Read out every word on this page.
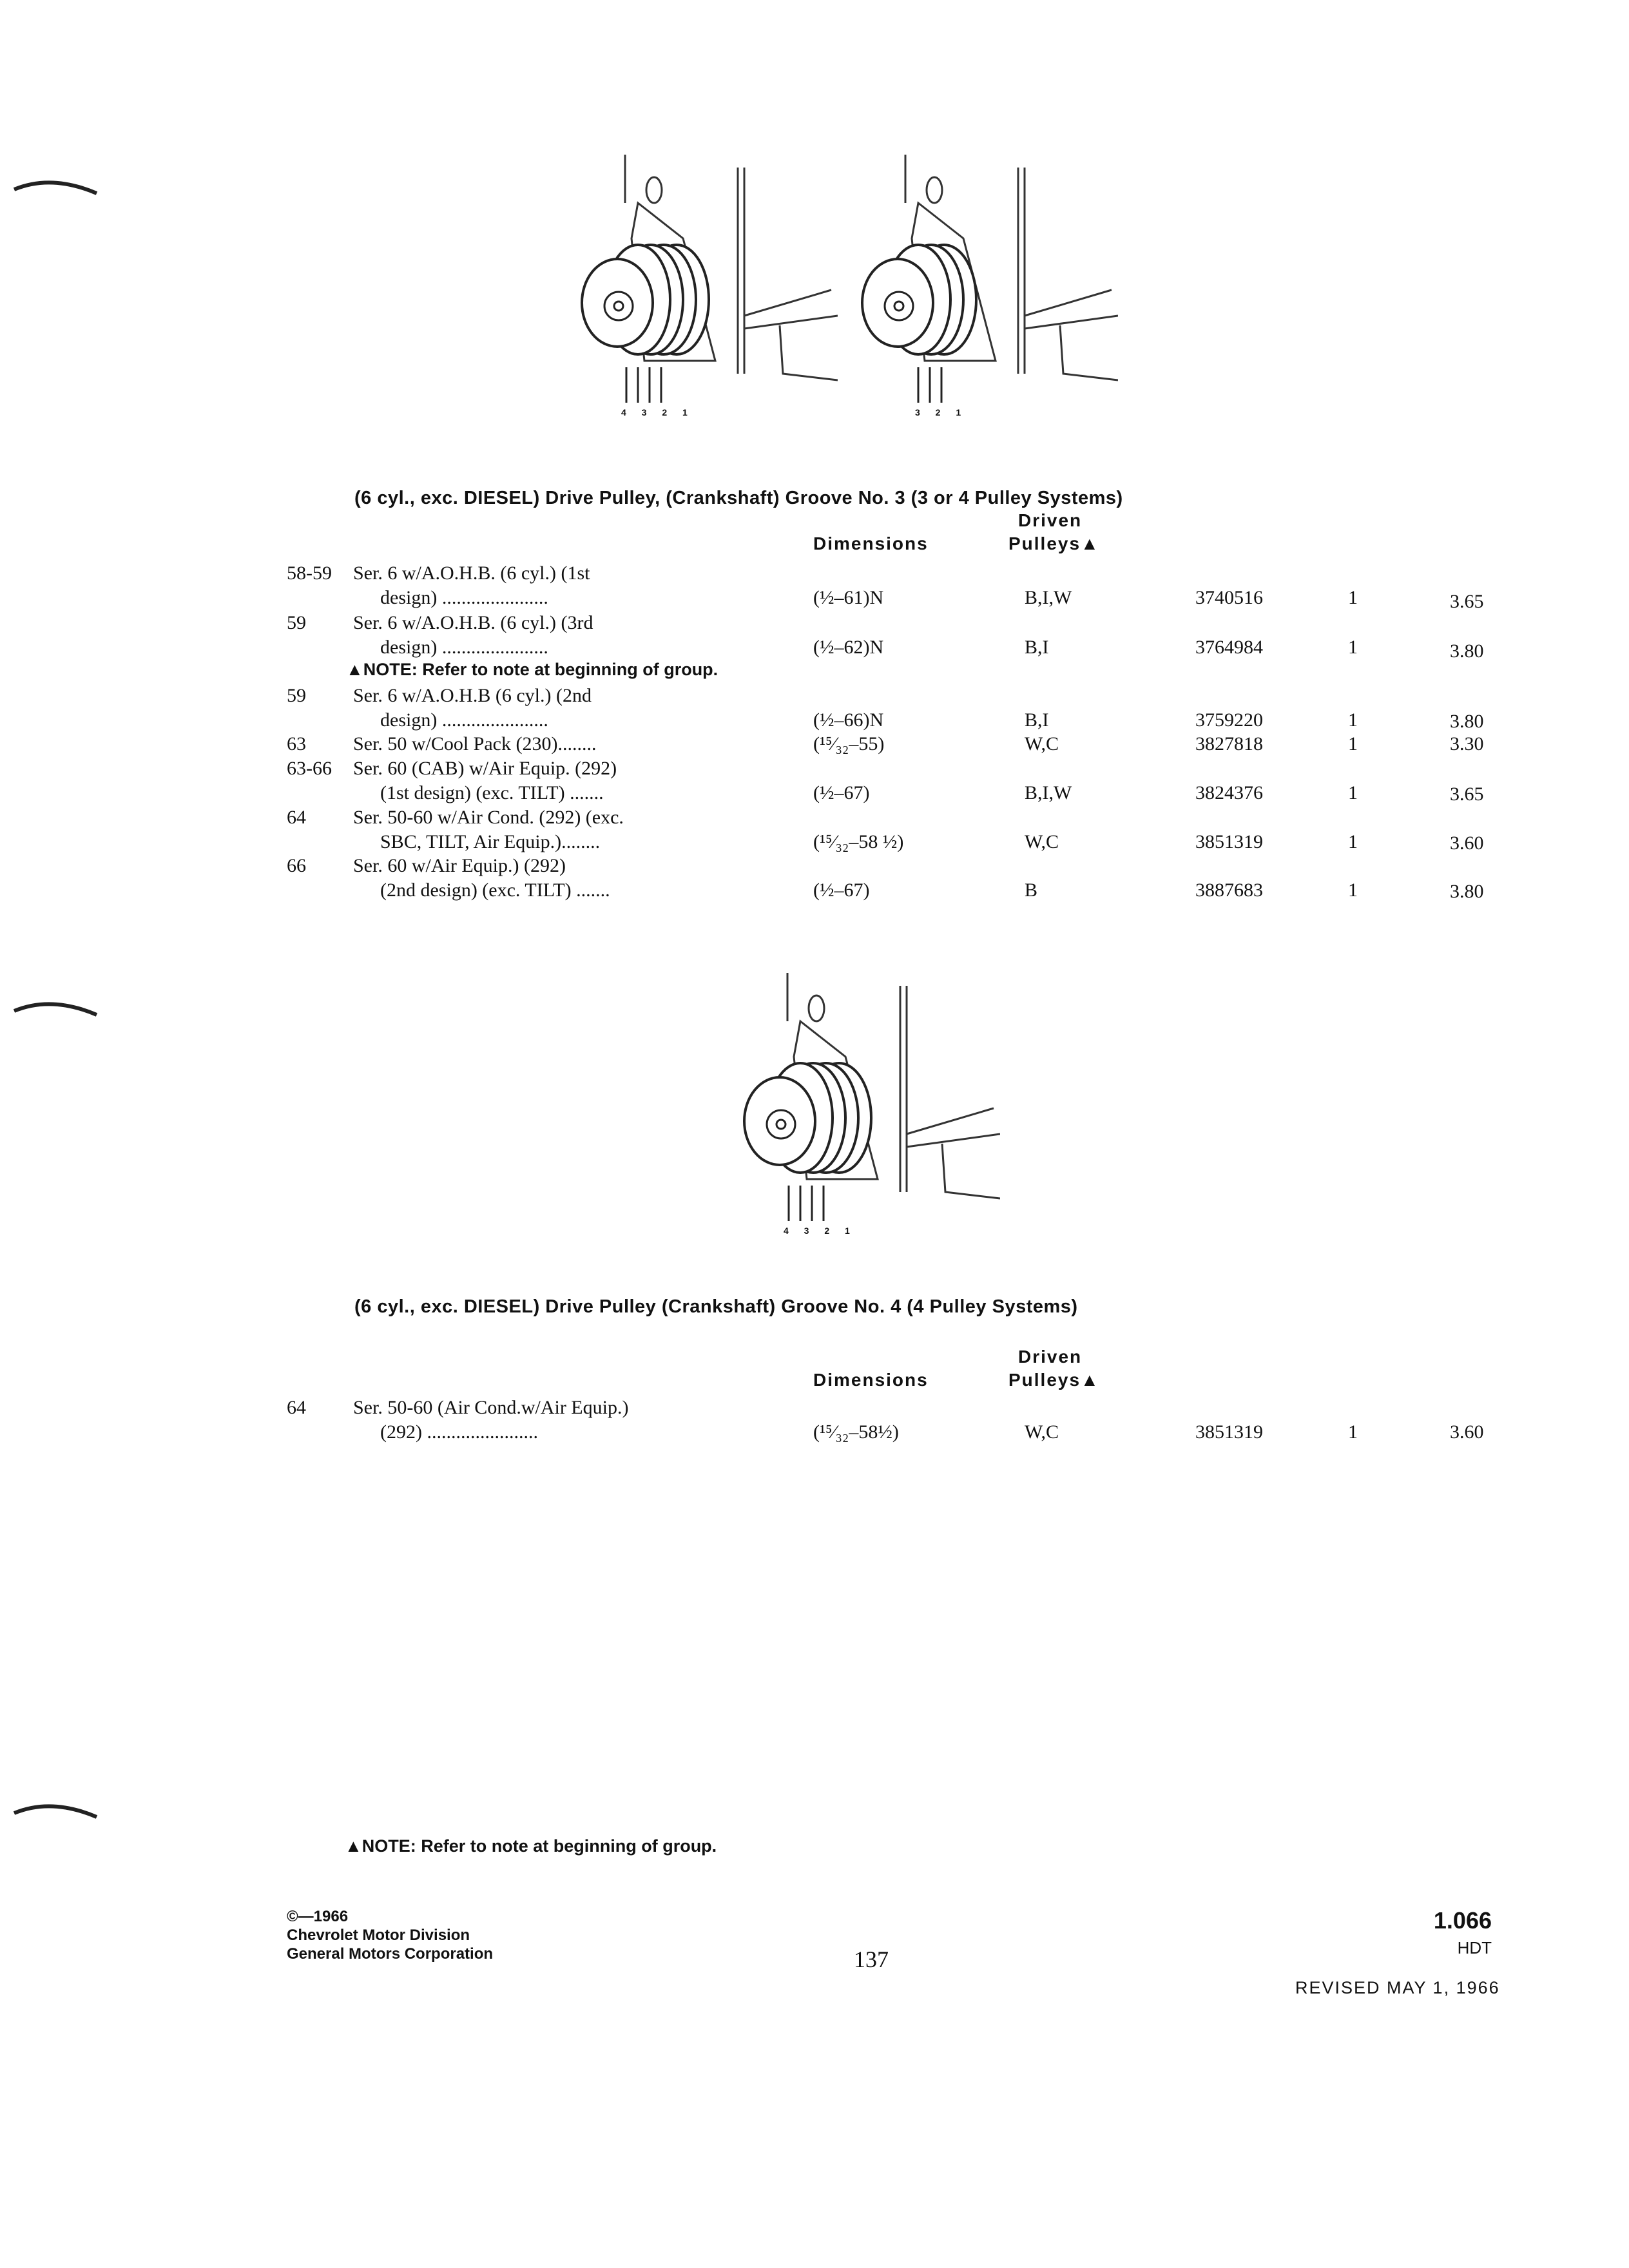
4 3 2 1	3 2 1
(6 cyl., exc. DIESEL) Drive Pulley, (Crankshaft) Groove No. 3 (3 or 4 Pulley Systems)
Driven
Dimensions	Pulleys▲
58-59 Ser. 6 w/A.O.H.B. (6 cyl.) (1st
design) ......................	(½–61)N	B,I,W	3740516	1	3.65
59 Ser. 6 w/A.O.H.B. (6 cyl.) (3rd
design) ......................	(½–62)N	B,I	3764984	1	3.80
▲NOTE: Refer to note at beginning of group.
59 Ser. 6 w/A.O.H.B (6 cyl.) (2nd
design) ......................	(½–66)N	B,I	3759220	1	3.80
63 Ser. 50 w/Cool Pack (230)........	(¹⁵⁄₃₂–55)	W,C	3827818	1	3.30
63-66 Ser. 60 (CAB) w/Air Equip. (292)
(1st design) (exc. TILT) .......	(½–67)	B,I,W	3824376	1	3.65
64 Ser. 50-60 w/Air Cond. (292) (exc.
SBC, TILT, Air Equip.)........	(¹⁵⁄₃₂–58 ½)	W,C	3851319	1	3.60
66 Ser. 60 w/Air Equip.) (292)
(2nd design) (exc. TILT) .......	(½–67)	B	3887683	1	3.80
4 3 2 1
(6 cyl., exc. DIESEL) Drive Pulley (Crankshaft) Groove No. 4 (4 Pulley Systems)
Driven
Dimensions	Pulleys▲
64 Ser. 50-60 (Air Cond.w/Air Equip.)
(292) .......................	(¹⁵⁄₃₂–58½)	W,C	3851319	1	3.60
▲NOTE: Refer to note at beginning of group.
©—1966
Chevrolet Motor Division
General Motors Corporation	137
1.066
HDT
REVISED MAY 1, 1966
